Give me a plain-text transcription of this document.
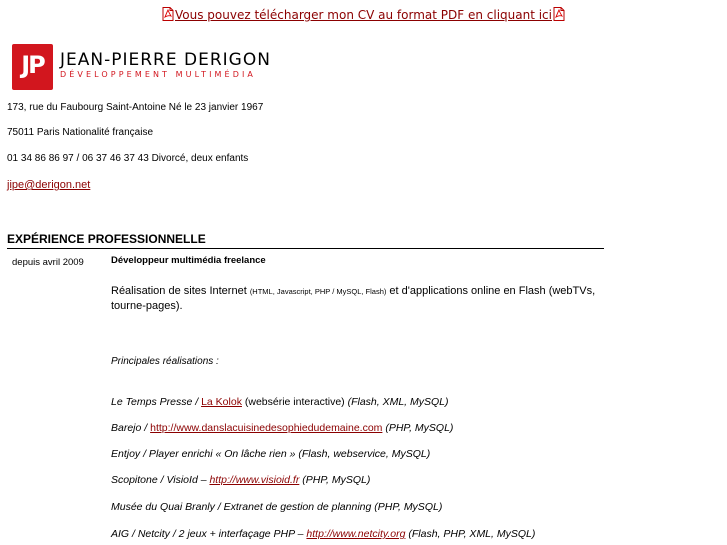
Vous pouvez télécharger mon CV au format PDF en cliquant ici
JP JEAN-PIERRE DERIGON
DÉVELOPPEMENT MULTIMÉDIA
173, rue du Faubourg Saint-Antoine Né le 23 janvier 1967
75011 Paris Nationalité française
01 34 86 86 97 / 06 37 46 37 43 Divorcé, deux enfants
jipe@derigon.net
EXPÉRIENCE PROFESSIONNELLE
depuis avril 2009	Développeur multimédia freelance
Réalisation de sites Internet (HTML, Javascript, PHP / MySQL, Flash) et d'applications online en Flash (webTVs, tourne-pages).
Principales réalisations :
Le Temps Presse / La Kolok (websérie interactive) (Flash, XML, MySQL)
Barejo / http://www.danslacuisinedesophiedudemaine.com (PHP, MySQL)
Entjoy / Player enrichi « On lâche rien » (Flash, webservice, MySQL)
Scopitone / VisioId – http://www.visioid.fr (PHP, MySQL)
Musée du Quai Branly / Extranet de gestion de planning (PHP, MySQL)
AIG / Netcity / 2 jeux + interfaçage PHP – http://www.netcity.org (Flash, PHP, XML, MySQL)
